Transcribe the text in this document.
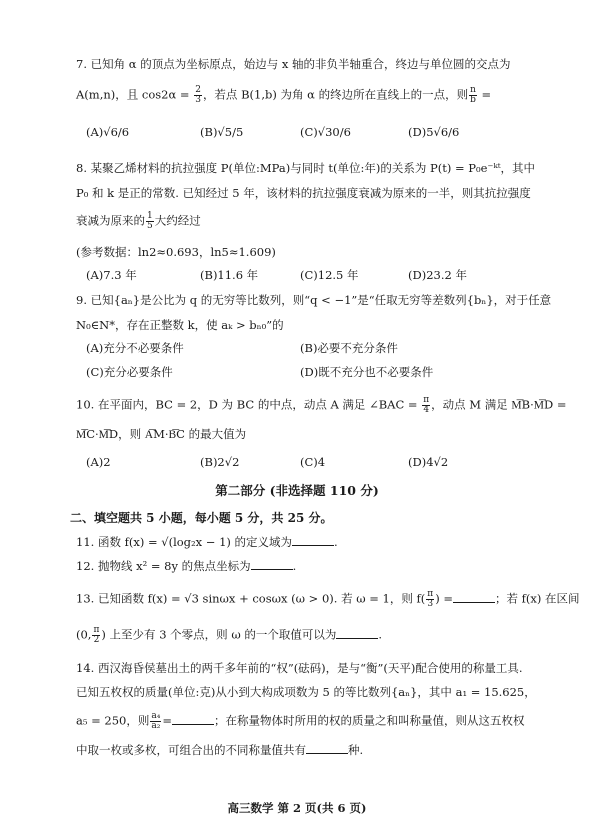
7. 已知角 α 的顶点为坐标原点，始边与 x 轴的非负半轴重合，终边与单位圆的交点为
A(m,n)，且 $\cos 2\alpha = \frac{2}{3}$ ，若点 B(1,b) 为角 α 的终边所在直线上的一点，则 $\frac{n}{b}$ =
(A)√6/6	(B)√5/5	(C)√30/6	(D)5√6/6
8. 某聚乙烯材料的抗拉强度 P(单位:MPa)与同时 t(单位:年)的关系为 P(t) = P₀e⁻ᵏᵗ，其中
P₀ 和 k 是正的常数. 已知经过 5 年，该材料的抗拉强度衰减为原来的一半，则其抗拉强度
衰减为原来的 $\frac{1}{5}$ 大约经过
(参考数据：ln2≈0.693，ln5≈1.609)
(A)7.3 年	(B)11.6 年	(C)12.5 年	(D)23.2 年
9. 已知{aₙ}是公比为 q 的无穷等比数列，则“q < −1”是“任取无穷等差数列{bₙ}，对于任意
N₀∈N*，存在正整数 k，使 aₖ > bₙ₀”的
(A)充分不必要条件	(B)必要不充分条件
(C)充分必要条件	(D)既不充分也不必要条件
10. 在平面内，BC = 2，D 为 BC 的中点，动点 A 满足 ∠BAC = $\frac{\pi}{4}$ ，动点 M 满足 M͞B·M͞D =
M͞C·M͞D，则 A͞M·B͞C 的最大值为
(A)2	(B)2√2	(C)4	(D)4√2
第二部分 (非选择题 110 分)
二、填空题共 5 小题，每小题 5 分，共 25 分。
11. 函数 f(x) = √(log₂x − 1) 的定义域为	.
12. 抛物线 x² = 8y 的焦点坐标为	.
13. 已知函数 f(x) = √3 sinωx + cosωx (ω > 0). 若 ω = 1，则 $f( \frac{\pi}{3}$ ) =	；若 f(x) 在区间
(0, $\frac{\pi}{2}$ ) 上至少有 3 个零点，则 ω 的一个取值可以为	.
14. 西汉海昏侯墓出土的两千多年前的“权”(砝码)，是与“衡”(天平)配合使用的称量工具.
已知五枚权的质量(单位:克)从小到大构成项数为 5 的等比数列{aₙ}，其中 a₁ = 15.625，
a₅ = 250，则 $\frac{\text{a₄}}{\text{a₂}}$ =	；在称量物体时所用的权的质量之和叫称量值，则从这五枚权
中取一枚或多枚，可组合出的不同称量值共有	种.
高三数学 第 2 页(共 6 页)
